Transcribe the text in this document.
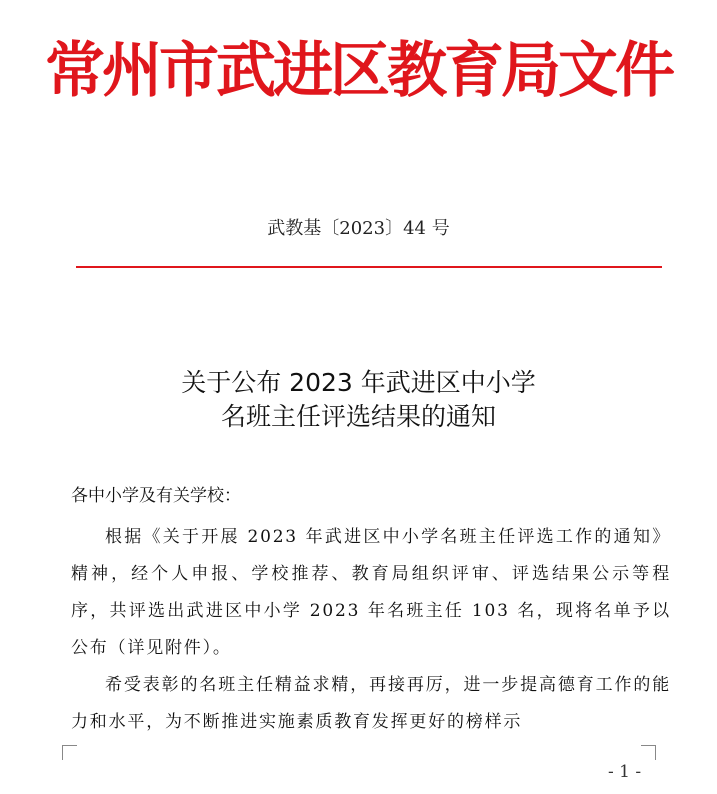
常州市武进区教育局文件
武教基〔2023〕44 号
关于公布 2023 年武进区中小学
名班主任评选结果的通知
各中小学及有关学校：

根据《关于开展 2023 年武进区中小学名班主任评选工作的通知》精神，经个人申报、学校推荐、教育局组织评审、评选结果公示等程序，共评选出武进区中小学 2023 年名班主任 103 名，现将名单予以公布（详见附件）。

希受表彰的名班主任精益求精，再接再厉，进一步提高德育工作的能力和水平，为不断推进实施素质教育发挥更好的榜样示

- 1 -
